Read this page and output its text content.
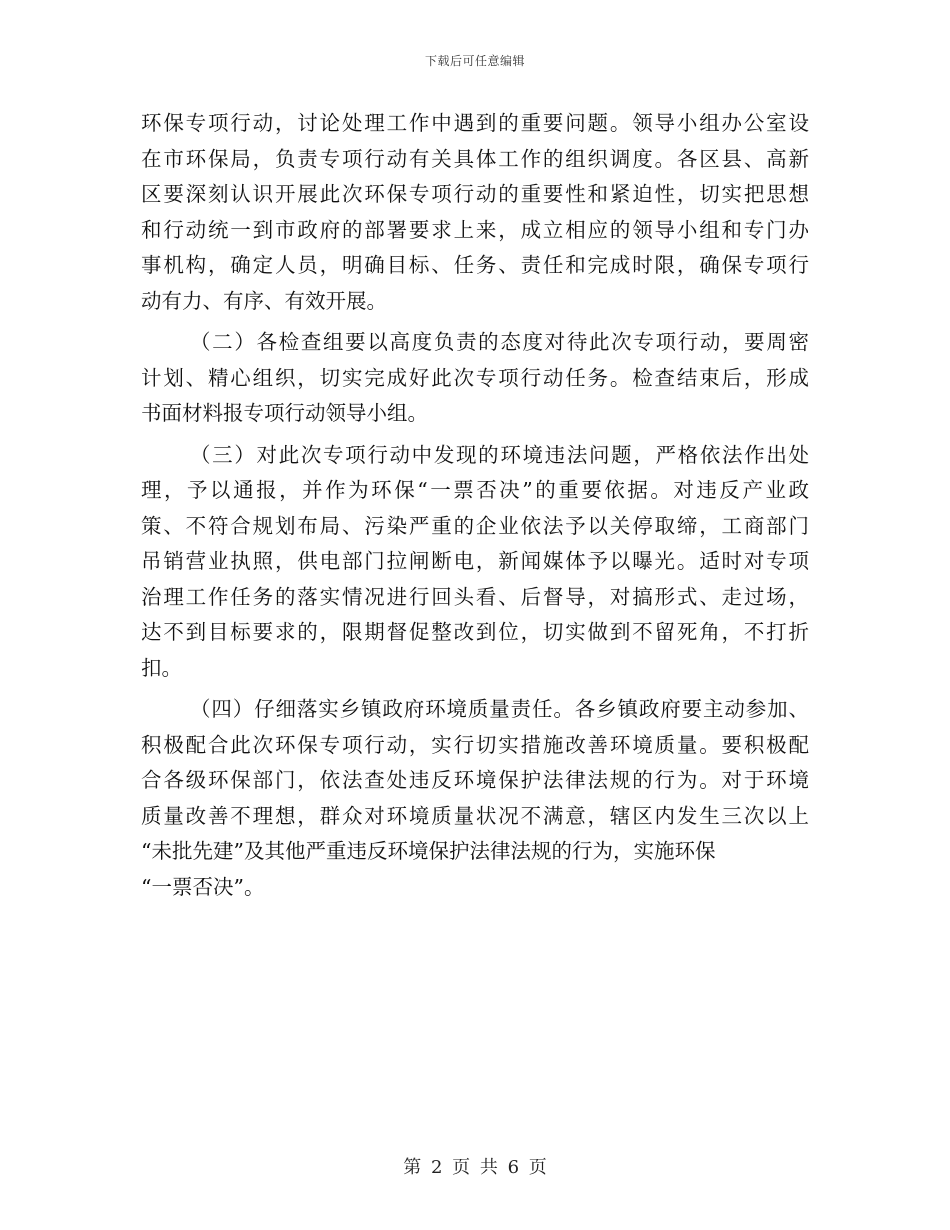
下载后可任意编辑
环保专项行动，讨论处理工作中遇到的重要问题。领导小组办公室设
在市环保局，负责专项行动有关具体工作的组织调度。各区县、高新
区要深刻认识开展此次环保专项行动的重要性和紧迫性，切实把思想
和行动统一到市政府的部署要求上来，成立相应的领导小组和专门办
事机构，确定人员，明确目标、任务、责任和完成时限，确保专项行
动有力、有序、有效开展。
（二）各检查组要以高度负责的态度对待此次专项行动，要周密
计划、精心组织，切实完成好此次专项行动任务。检查结束后，形成
书面材料报专项行动领导小组。
（三）对此次专项行动中发现的环境违法问题，严格依法作出处
理，予以通报，并作为环保“一票否决”的重要依据。对违反产业政
策、不符合规划布局、污染严重的企业依法予以关停取缔，工商部门
吊销营业执照，供电部门拉闸断电，新闻媒体予以曝光。适时对专项
治理工作任务的落实情况进行回头看、后督导，对搞形式、走过场，
达不到目标要求的，限期督促整改到位，切实做到不留死角，不打折
扣。
（四）仔细落实乡镇政府环境质量责任。各乡镇政府要主动参加、
积极配合此次环保专项行动，实行切实措施改善环境质量。要积极配
合各级环保部门，依法查处违反环境保护法律法规的行为。对于环境
质量改善不理想，群众对环境质量状况不满意，辖区内发生三次以上
“未批先建”及其他严重违反环境保护法律法规的行为，实施环保
“一票否决”。
第 2 页 共 6 页
